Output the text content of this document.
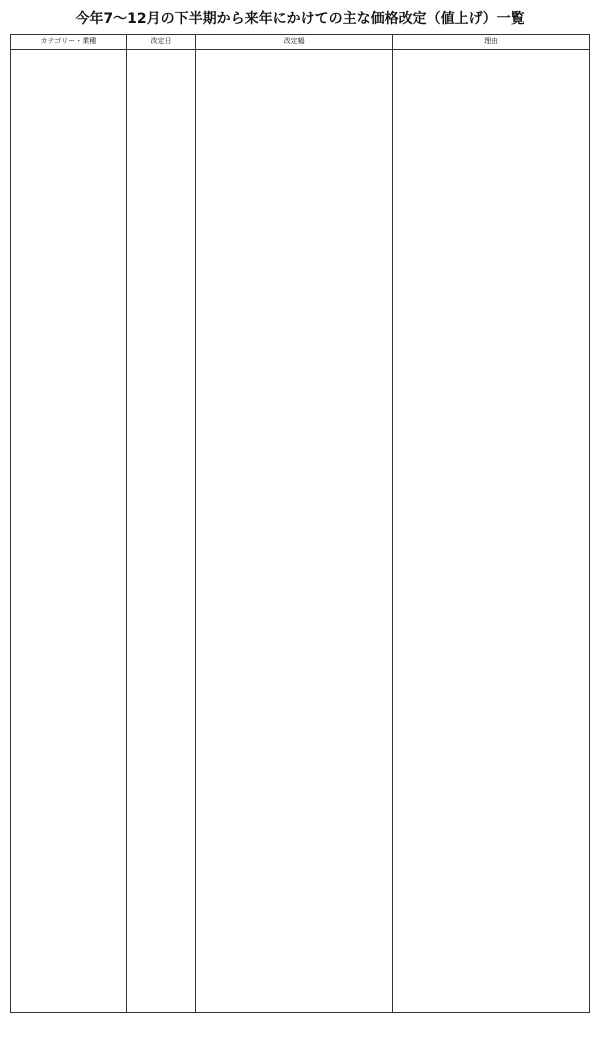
今年7〜12月の下半期から来年にかけての主な価格改定（値上げ）一覧
カテゴリー・業種	改定日	改定幅	理由
